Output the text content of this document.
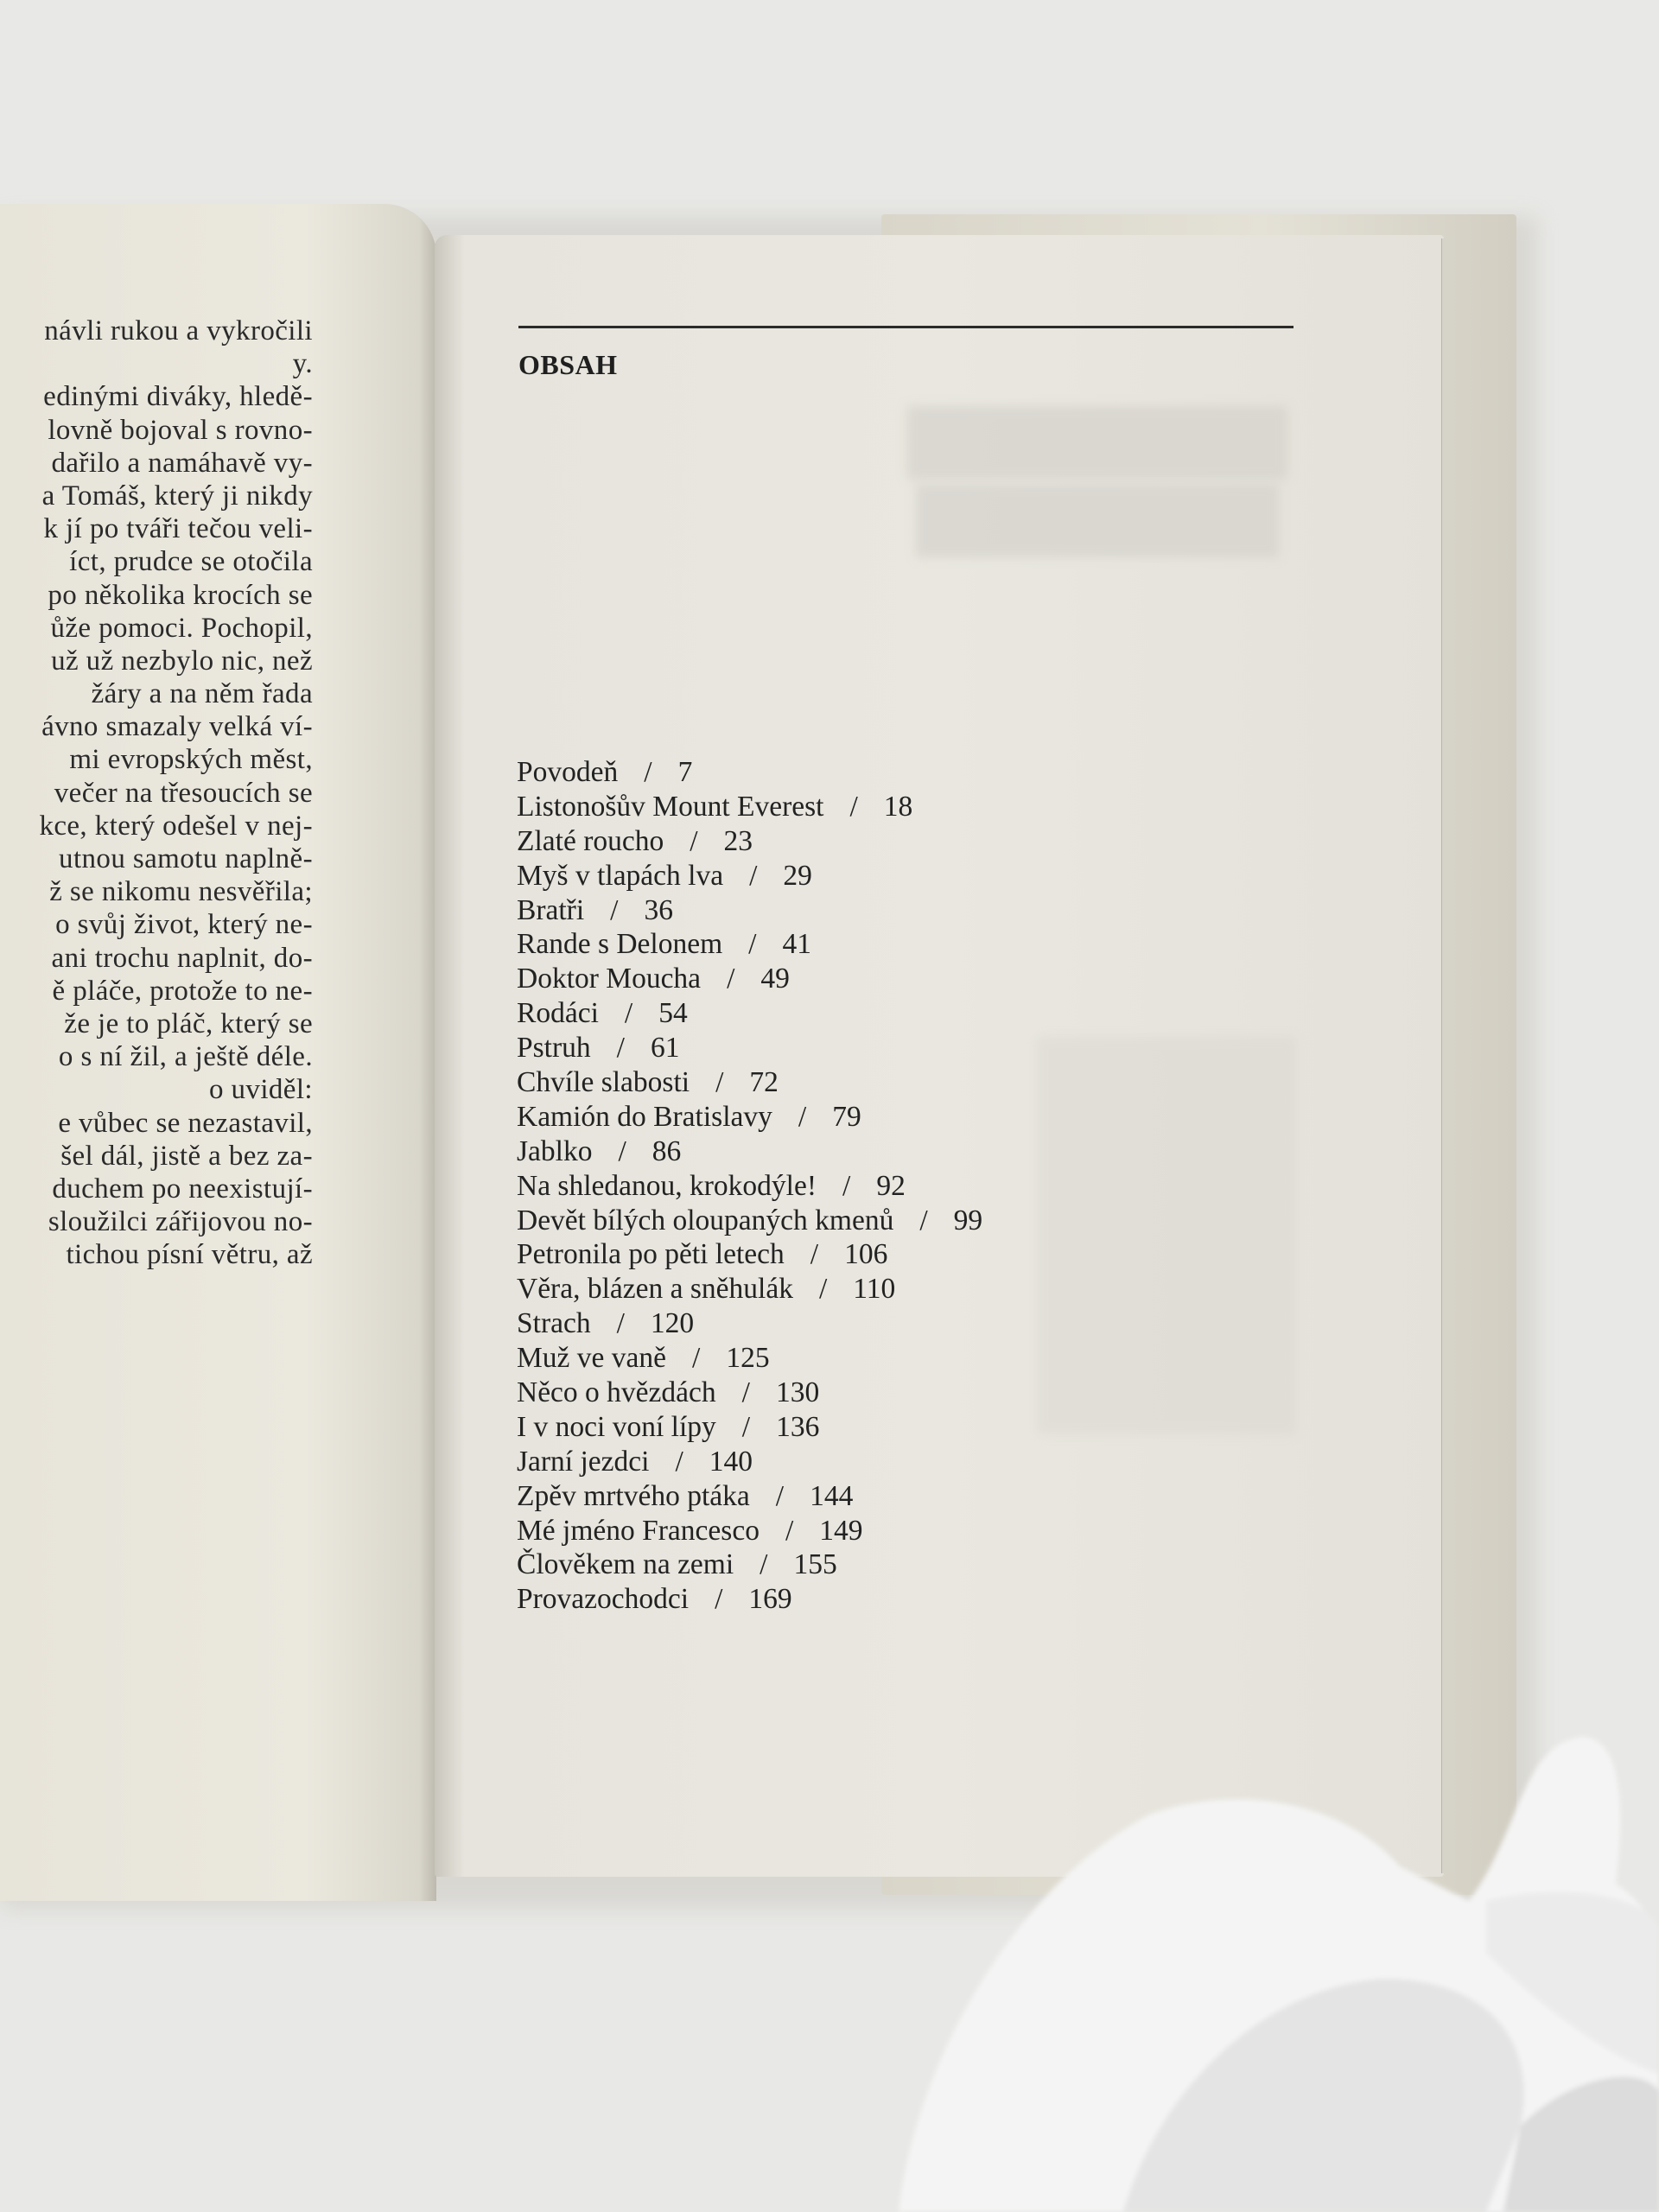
návli rukou a vykročili
y.
edinými diváky, hledě-
lovně bojoval s rovno-
dařilo a namáhavě vy-
a Tomáš, který ji nikdy
k jí po tváři tečou veli-
íct, prudce se otočila
po několika krocích se
ůže pomoci. Pochopil,
už už nezbylo nic, než
žáry a na něm řada
ávno smazaly velká ví-
mi evropských měst,
večer na třesoucích se
kce, který odešel v nej-
utnou samotu naplně-
ž se nikomu nesvěřila;
o svůj život, který ne-
ani trochu naplnit, do-
ě pláče, protože to ne-
že je to pláč, který se
o s ní žil, a ještě déle.
o uviděl:
e vůbec se nezastavil,
šel dál, jistě a bez za-
duchem po neexistují-
sloužilci zářijovou no-
tichou písní větru, až
OBSAH
Povodeň / 7
Listonošův Mount Everest / 18
Zlaté roucho / 23
Myš v tlapách lva / 29
Bratři / 36
Rande s Delonem / 41
Doktor Moucha / 49
Rodáci / 54
Pstruh / 61
Chvíle slabosti / 72
Kamión do Bratislavy / 79
Jablko / 86
Na shledanou, krokodýle! / 92
Devět bílých oloupaných kmenů / 99
Petronila po pěti letech / 106
Věra, blázen a sněhulák / 110
Strach / 120
Muž ve vaně / 125
Něco o hvězdách / 130
I v noci voní lípy / 136
Jarní jezdci / 140
Zpěv mrtvého ptáka / 144
Mé jméno Francesco / 149
Člověkem na zemi / 155
Provazochodci / 169
